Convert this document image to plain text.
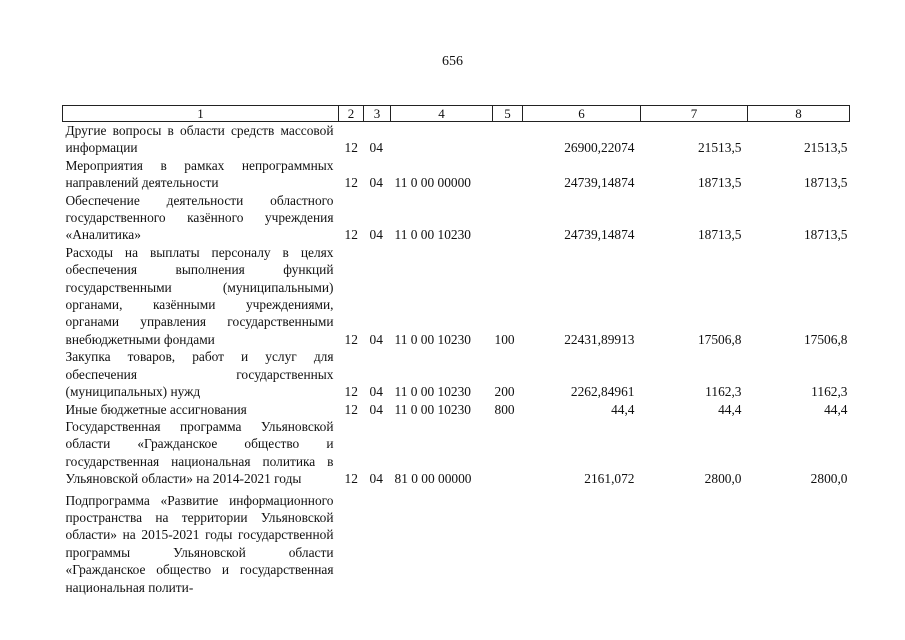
656
1	2	3	4	5	6	7	8
Другие вопросы в области средств массовой информации	12	04			26900,22074	21513,5	21513,5
Мероприятия в рамках непрограммных направлений деятельности	12	04	11 0 00 00000		24739,14874	18713,5	18713,5
Обеспечение деятельности областного государственного казённого учреждения «Аналитика»	12	04	11 0 00 10230		24739,14874	18713,5	18713,5
Расходы на выплаты персоналу в целях обеспечения выполнения функций государственными (муниципальными) органами, казёнными учреждениями, органами управления государственными внебюджетными фондами	12	04	11 0 00 10230	100	22431,89913	17506,8	17506,8
Закупка товаров, работ и услуг для обеспечения государственных (муниципальных) нужд	12	04	11 0 00 10230	200	2262,84961	1162,3	1162,3
Иные бюджетные ассигнования	12	04	11 0 00 10230	800	44,4	44,4	44,4
Государственная программа Ульяновской области «Гражданское общество и государственная национальная политика в Ульяновской области» на 2014-2021 годы	12	04	81 0 00 00000		2161,072	2800,0	2800,0
Подпрограмма «Развитие информационного пространства на территории Ульяновской области» на 2015-2021 годы государственной программы Ульяновской области «Гражданское общество и государственная национальная полити-							
